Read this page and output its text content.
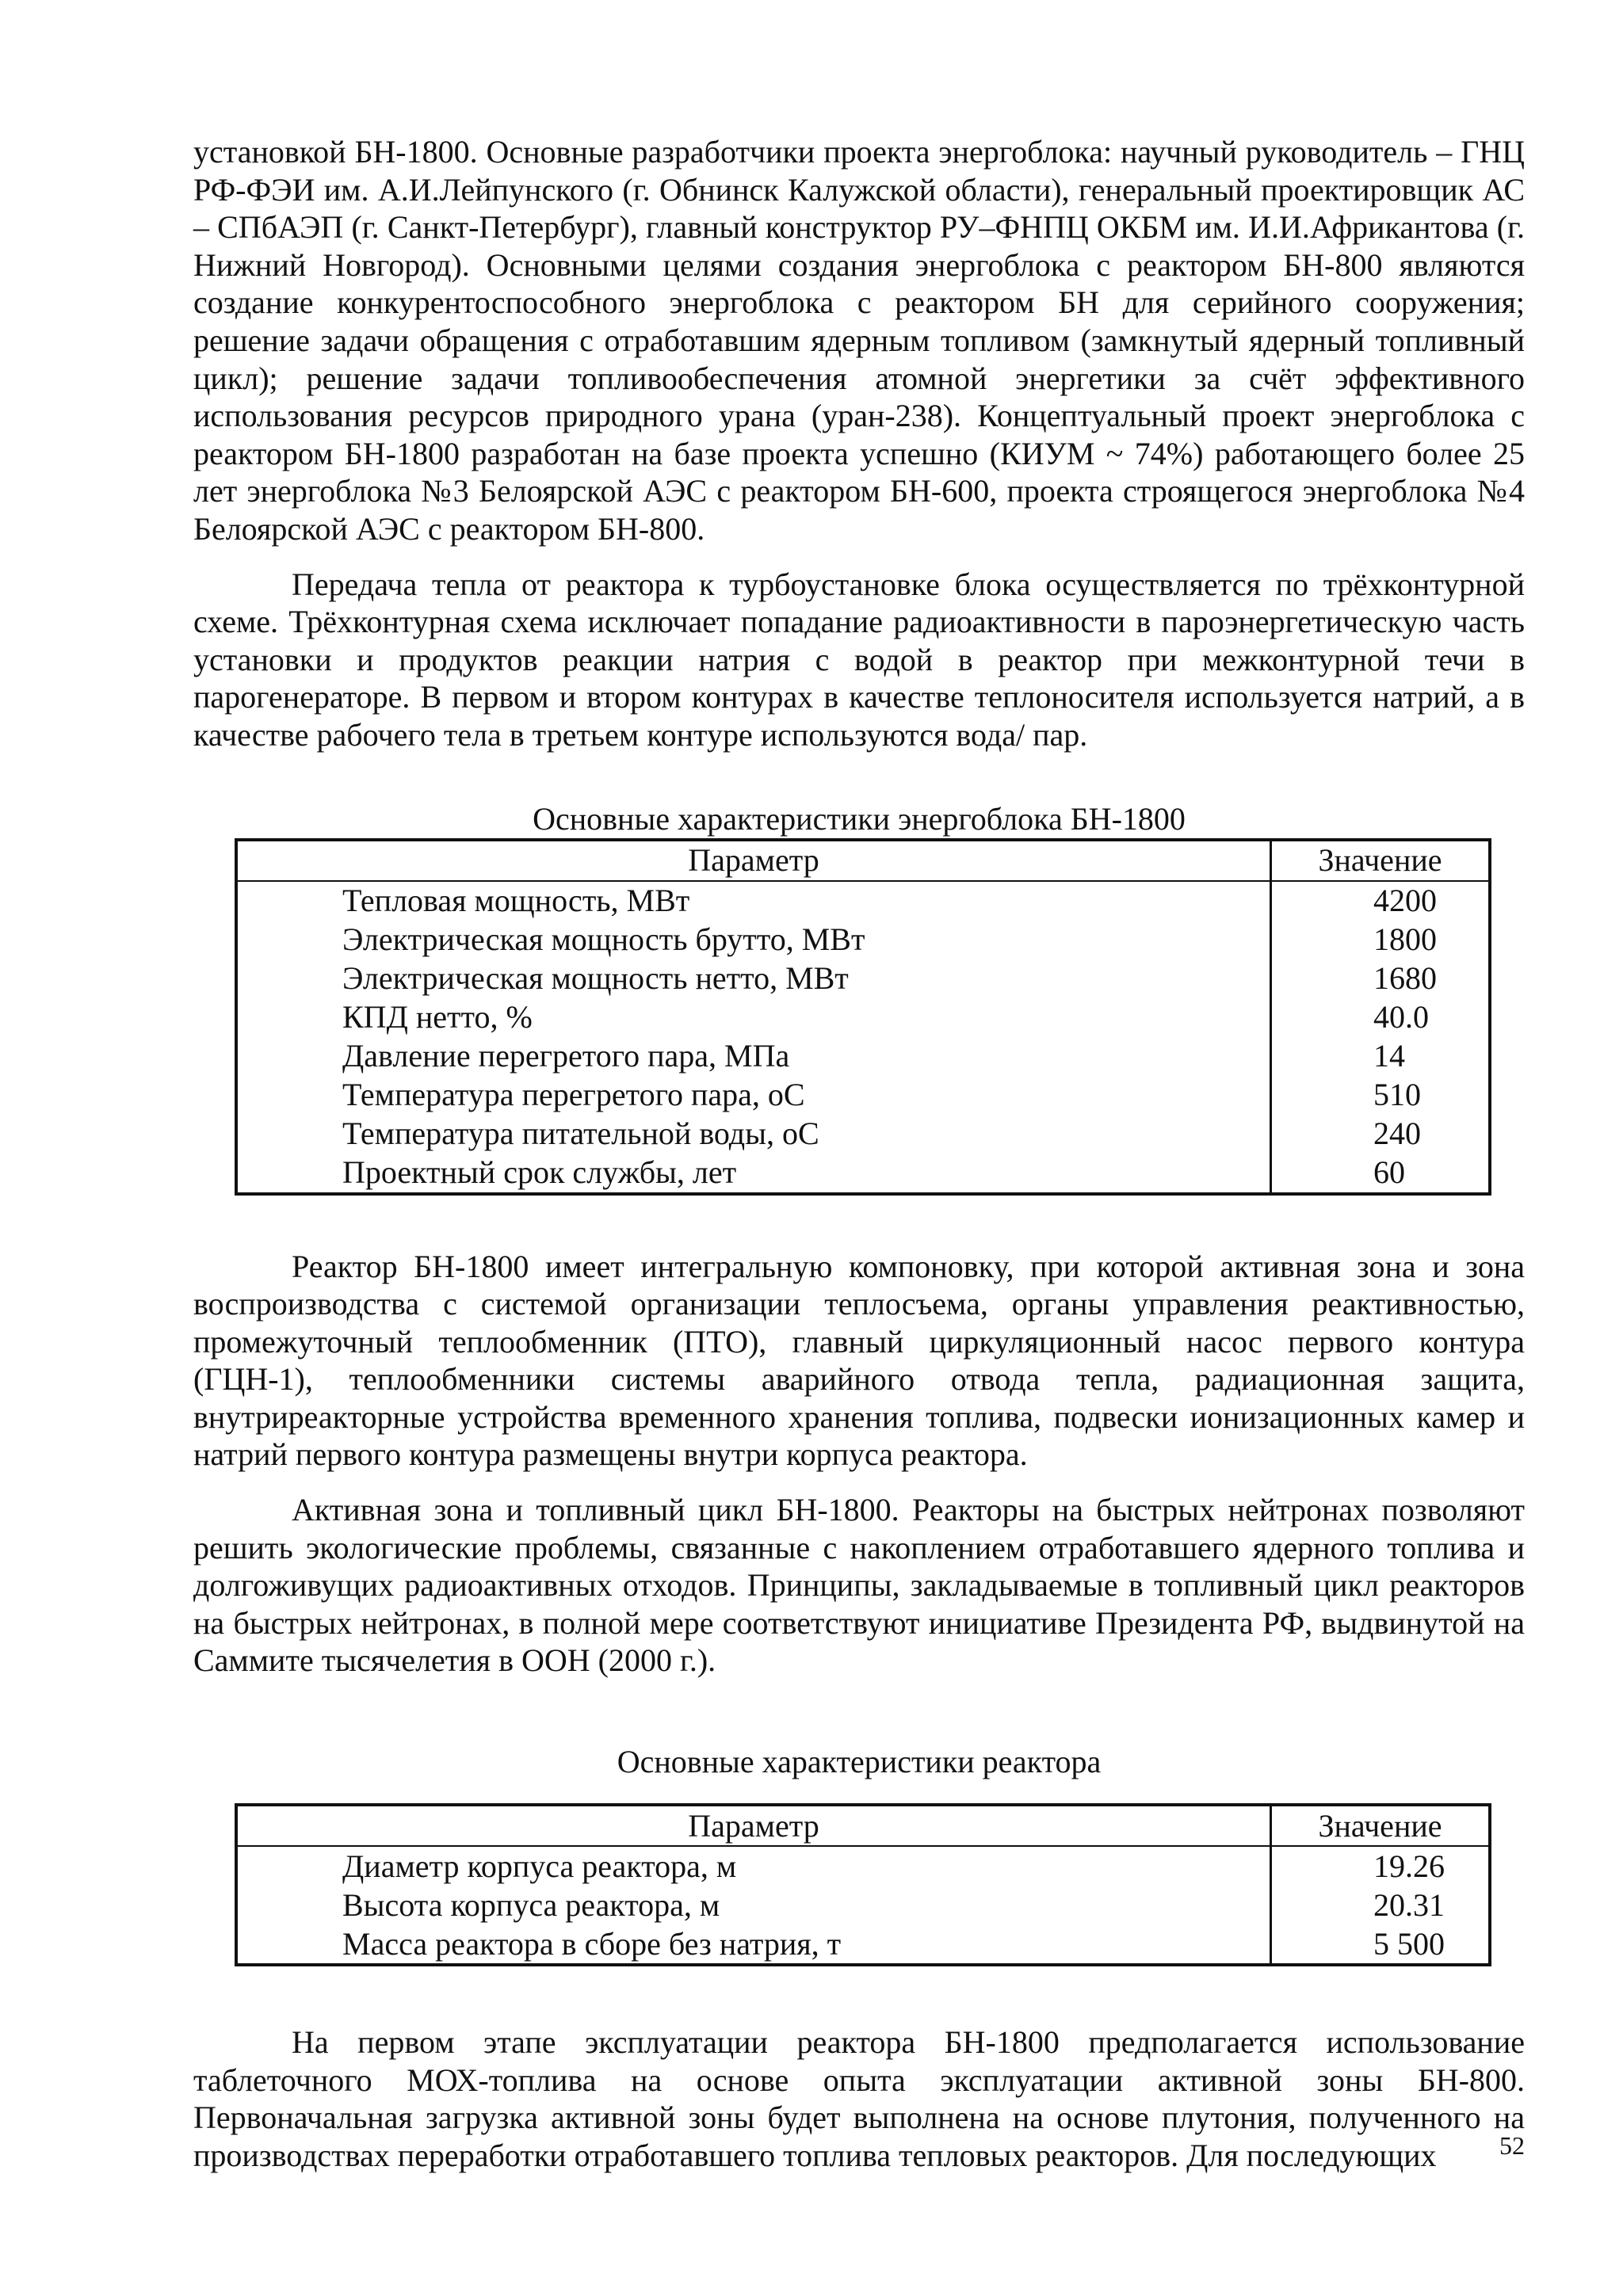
установкой БН-1800. Основные разработчики проекта энергоблока: научный руководитель – ГНЦ РФ-ФЭИ им. А.И.Лейпунского (г. Обнинск Калужской области), генеральный проектировщик АС – СПбАЭП (г. Санкт-Петербург), главный конструктор РУ–ФНПЦ ОКБМ им. И.И.Африкантова (г. Нижний Новгород). Основными целями создания энергоблока с реактором БН-800 являются создание конкурентоспособного энергоблока с реактором БН для серийного сооружения; решение задачи обращения с отработавшим ядерным топливом (замкнутый ядерный топливный цикл); решение задачи топливообеспечения атомной энергетики за счёт эффективного использования ресурсов природного урана (уран-238). Концептуальный проект энергоблока с реактором БН-1800 разработан на базе проекта успешно (КИУМ ~ 74%) работающего более 25 лет энергоблока №3 Белоярской АЭС с реактором БН-600, проекта строящегося энергоблока №4 Белоярской АЭС с реактором БН-800.

Передача тепла от реактора к турбоустановке блока осуществляется по трёхконтурной схеме. Трёхконтурная схема исключает попадание радиоактивности в пароэнергетическую часть установки и продуктов реакции натрия с водой в реактор при межконтурной течи в парогенераторе. В первом и втором контурах в качестве теплоносителя используется натрий, а в качестве рабочего тела в третьем контуре используются вода/ пар.

Основные характеристики энергоблока БН-1800

Параметр	Значение
Тепловая мощность, МВт	4200
Электрическая мощность брутто, МВт	1800
Электрическая мощность нетто, МВт	1680
КПД нетто, %	40.0
Давление перегретого пара, МПа	14
Температура перегретого пара, оС	510
Температура питательной воды, оС	240
Проектный срок службы, лет	60

Реактор БН-1800 имеет интегральную компоновку, при которой активная зона и зона воспроизводства с системой организации теплосъема, органы управления реактивностью, промежуточный теплообменник (ПТО), главный циркуляционный насос первого контура (ГЦН-1), теплообменники системы аварийного отвода тепла, радиационная защита, внутриреакторные устройства временного хранения топлива, подвески ионизационных камер и натрий первого контура размещены внутри корпуса реактора.

Активная зона и топливный цикл БН-1800. Реакторы на быстрых нейтронах позволяют решить экологические проблемы, связанные с накоплением отработавшего ядерного топлива и долгоживущих радиоактивных отходов. Принципы, закладываемые в топливный цикл реакторов на быстрых нейтронах, в полной мере соответствуют инициативе Президента РФ, выдвинутой на Саммите тысячелетия в ООН (2000 г.).

Основные характеристики реактора

Параметр	Значение
Диаметр корпуса реактора, м	19.26
Высота корпуса реактора, м	20.31
Масса реактора в сборе без натрия, т	5 500

На первом этапе эксплуатации реактора БН-1800 предполагается использование таблеточного МОХ-топлива на основе опыта эксплуатации активной зоны БН-800. Первоначальная загрузка активной зоны будет выполнена на основе плутония, полученного на производствах переработки отработавшего топлива тепловых реакторов. Для последующих	52
